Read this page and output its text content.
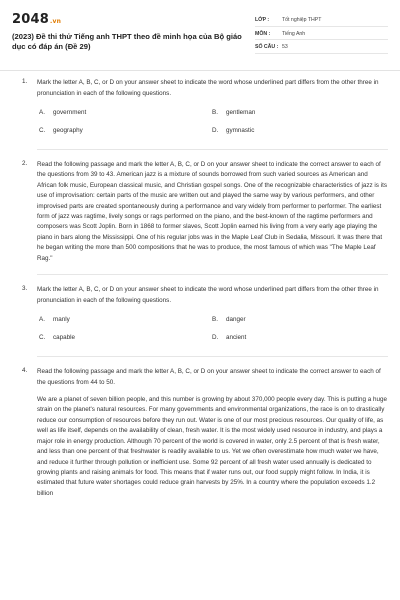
2048.vn
(2023) Đề thi thử Tiếng anh THPT theo đề minh họa của Bộ giáo dục có đáp án (Đề 29)
LỚP :	Tốt nghiệp THPT
MÔN :	Tiếng Anh
SỐ CÂU : 53
1. Mark the letter A, B, C, or D on your answer sheet to indicate the word whose underlined part differs from the other three in pronunciation in each of the following questions.
A. government	B. gentleman
C. geography	D. gymnastic
2. Read the following passage and mark the letter A, B, C, or D on your answer sheet to indicate the correct answer to each of the questions from 39 to 43. American jazz is a mixture of sounds borrowed from such varied sources as American and African folk music, European classical music, and Christian gospel songs. One of the recognizable characteristics of jazz is its use of improvisation: certain parts of the music are written out and played the same way by various performers, and other improvised parts are created spontaneously during a performance and vary widely from performer to performer. The earliest form of jazz was ragtime, lively songs or rags performed on the piano, and the best-known of the ragtime performers and composers was Scott Joplin. Born in 1868 to former slaves, Scott Joplin earned his living from a very early age playing the piano in bars along the Mississippi. One of his regular jobs was in the Maple Leaf Club in Sedalia, Missouri. It was there that he began writing the more than 500 compositions that he was to produce, the most famous of which was "The Maple Leaf Rag."
3. Mark the letter A, B, C, or D on your answer sheet to indicate the word whose underlined part differs from the other three in pronunciation in each of the following questions.
A. manly	B. danger
C. capable	D. ancient
4. Read the following passage and mark the letter A, B, C, or D on your answer sheet to indicate the correct answer to each of the questions from 44 to 50.
We are a planet of seven billion people, and this number is growing by about 370,000 people every day. This is putting a huge strain on the planet's natural resources. For many governments and environmental organizations, the race is on to drastically reduce our consumption of resources before they run out. Water is one of our most precious resources. Our quality of life, as well as life itself, depends on the availability of clean, fresh water. It is the most widely used resource in industry, and plays a major role in energy production. Although 70 percent of the world is covered in water, only 2.5 percent of that is fresh water, and less than one percent of that freshwater is readily available to us. Yet we often overestimate how much water we have, and reduce it further through pollution or inefficient use. Some 92 percent of all fresh water used annually is dedicated to growing plants and raising animals for food. This means that if water runs out, our food supply might follow. In India, it is estimated that future water shortages could reduce grain harvests by 25%. In a country where the population exceeds 1.2 billion
